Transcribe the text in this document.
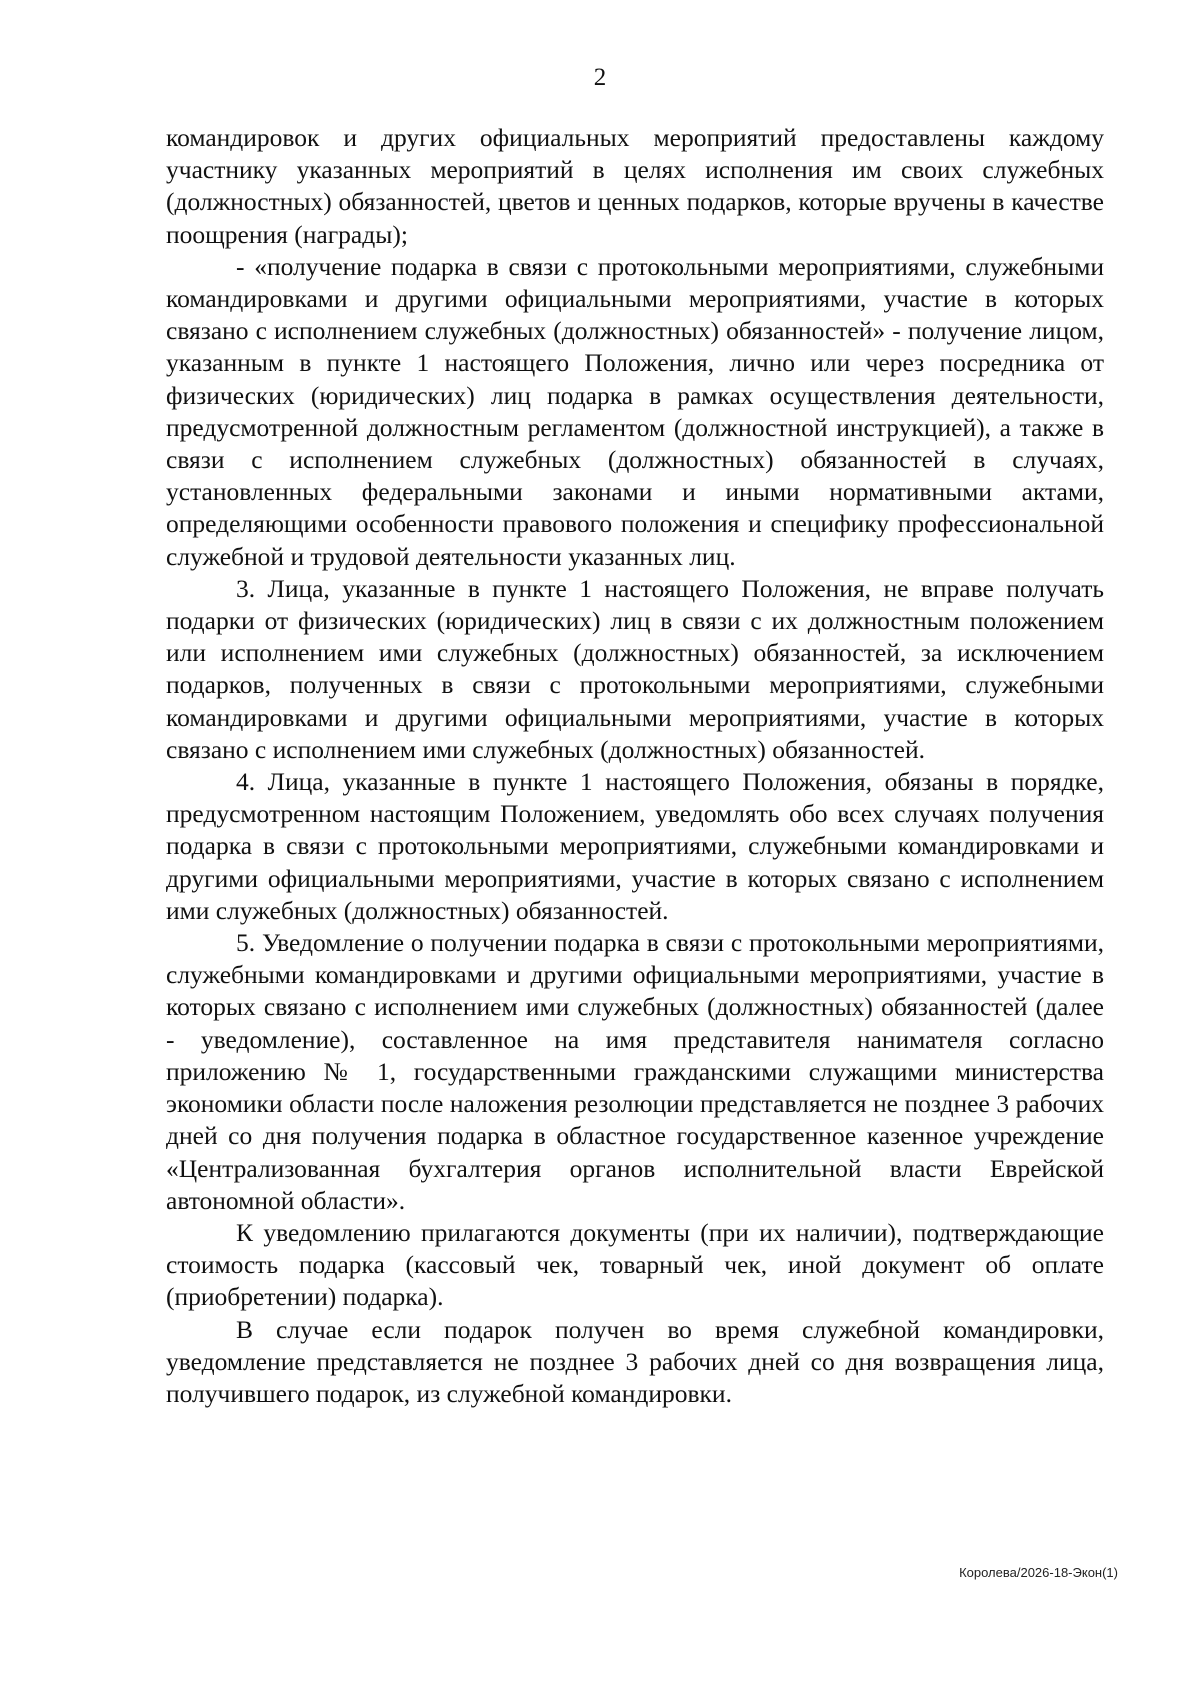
2

командировок и других официальных мероприятий предоставлены каждому участнику указанных мероприятий в целях исполнения им своих служебных (должностных) обязанностей, цветов и ценных подарков, которые вручены в качестве поощрения (награды);

- «получение подарка в связи с протокольными мероприятиями, служебными командировками и другими официальными мероприятиями, участие в которых связано с исполнением служебных (должностных) обязанностей» - получение лицом, указанным в пункте 1 настоящего Положения, лично или через посредника от физических (юридических) лиц подарка в рамках осуществления деятельности, предусмотренной должностным регламентом (должностной инструкцией), а также в связи с исполнением служебных (должностных) обязанностей в случаях, установленных федеральными законами и иными нормативными актами, определяющими особенности правового положения и специфику профессиональной служебной и трудовой деятельности указанных лиц.

3. Лица, указанные в пункте 1 настоящего Положения, не вправе получать подарки от физических (юридических) лиц в связи с их должностным положением или исполнением ими служебных (должностных) обязанностей, за исключением подарков, полученных в связи с протокольными мероприятиями, служебными командировками и другими официальными мероприятиями, участие в которых связано с исполнением ими служебных (должностных) обязанностей.

4. Лица, указанные в пункте 1 настоящего Положения, обязаны в порядке, предусмотренном настоящим Положением, уведомлять обо всех случаях получения подарка в связи с протокольными мероприятиями, служебными командировками и другими официальными мероприятиями, участие в которых связано с исполнением ими служебных (должностных) обязанностей.

5. Уведомление о получении подарка в связи с протокольными мероприятиями, служебными командировками и другими официальными мероприятиями, участие в которых связано с исполнением ими служебных (должностных) обязанностей (далее - уведомление), составленное на имя представителя нанимателя согласно приложению № 1, государственными гражданскими служащими министерства экономики области после наложения резолюции представляется не позднее 3 рабочих дней со дня получения подарка в областное государственное казенное учреждение «Централизованная бухгалтерия органов исполнительной власти Еврейской автономной области».

К уведомлению прилагаются документы (при их наличии), подтверждающие стоимость подарка (кассовый чек, товарный чек, иной документ об оплате (приобретении) подарка).

В случае если подарок получен во время служебной командировки, уведомление представляется не позднее 3 рабочих дней со дня возвращения лица, получившего подарок, из служебной командировки.

Королева/2026-18-Экон(1)
